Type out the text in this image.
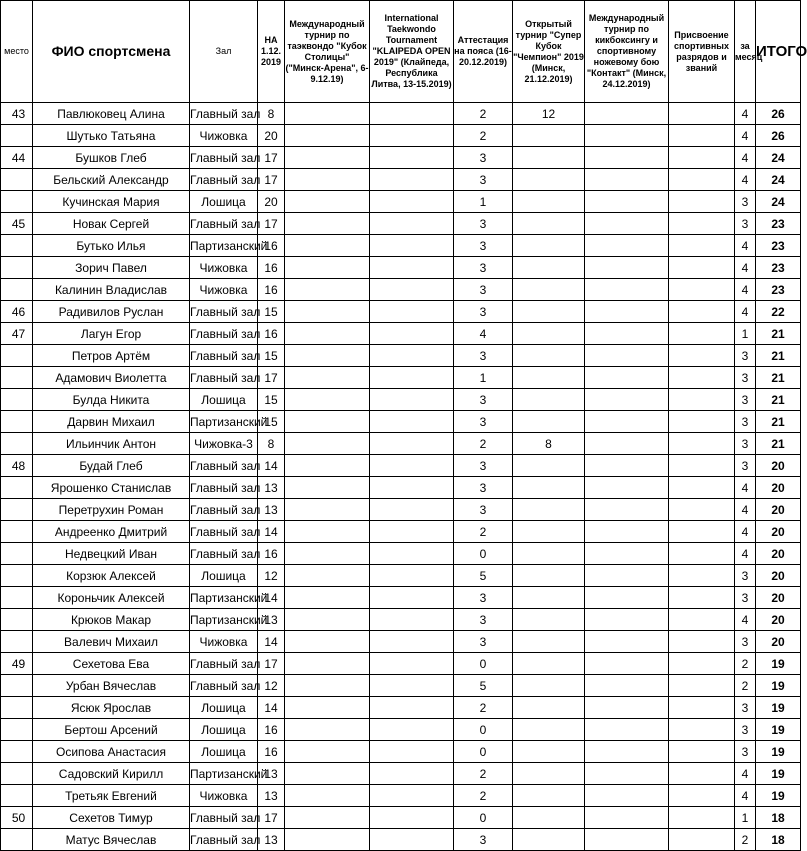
место	ФИО спортсмена	Зал	НА 1.12. 2019	Международный турнир по таэквондо "Кубок Столицы" ("Минск-Арена", 6-9.12.19)	International Taekwondo Tournament "KLAIPEDA OPEN 2019" (Клайпеда, Республика Литва, 13-15.2019)	Аттестация на пояса (16-20.12.2019)	Открытый турнир "Супер Кубок "Чемпион" 2019 (Минск, 21.12.2019)	Международный турнир по кикбоксингу и спортивному ножевому бою "Контакт" (Минск, 24.12.2019)	Присвоение спортивных разрядов и званий	за месяц	ИТОГО
43	Павлюковец Алина	Главный зал	8			2	12			4	26
	Шутько Татьяна	Чижовка	20			2				4	26
44	Бушков Глеб	Главный зал	17			3				4	24
	Бельский Александр	Главный зал	17			3				4	24
	Кучинская Мария	Лошица	20			1				3	24
45	Новак Сергей	Главный зал	17			3				3	23
	Бутько Илья	Партизанский	16			3				4	23
	Зорич Павел	Чижовка	16			3				4	23
	Калинин Владислав	Чижовка	16			3				4	23
46	Радивилов Руслан	Главный зал	15			3				4	22
47	Лагун Егор	Главный зал	16			4				1	21
	Петров Артём	Главный зал	15			3				3	21
	Адамович Виолетта	Главный зал	17			1				3	21
	Булда Никита	Лошица	15			3				3	21
	Дарвин Михаил	Партизанский	15			3				3	21
	Ильинчик Антон	Чижовка-3	8			2	8			3	21
48	Будай Глеб	Главный зал	14			3				3	20
	Ярошенко Станислав	Главный зал	13			3				4	20
	Перетрухин Роман	Главный зал	13			3				4	20
	Андреенко Дмитрий	Главный зал	14			2				4	20
	Недвецкий Иван	Главный зал	16			0				4	20
	Корзюк Алексей	Лошица	12			5				3	20
	Короньчик Алексей	Партизанский	14			3				3	20
	Крюков Макар	Партизанский	13			3				4	20
	Валевич Михаил	Чижовка	14			3				3	20
49	Сехетова Ева	Главный зал	17			0				2	19
	Урбан Вячеслав	Главный зал	12			5				2	19
	Ясюк Ярослав	Лошица	14			2				3	19
	Бертош Арсений	Лошица	16			0				3	19
	Осипова Анастасия	Лошица	16			0				3	19
	Садовский Кирилл	Партизанский	13			2				4	19
	Третьяк Евгений	Чижовка	13			2				4	19
50	Сехетов Тимур	Главный зал	17			0				1	18
	Матус Вячеслав	Главный зал	13			3				2	18
